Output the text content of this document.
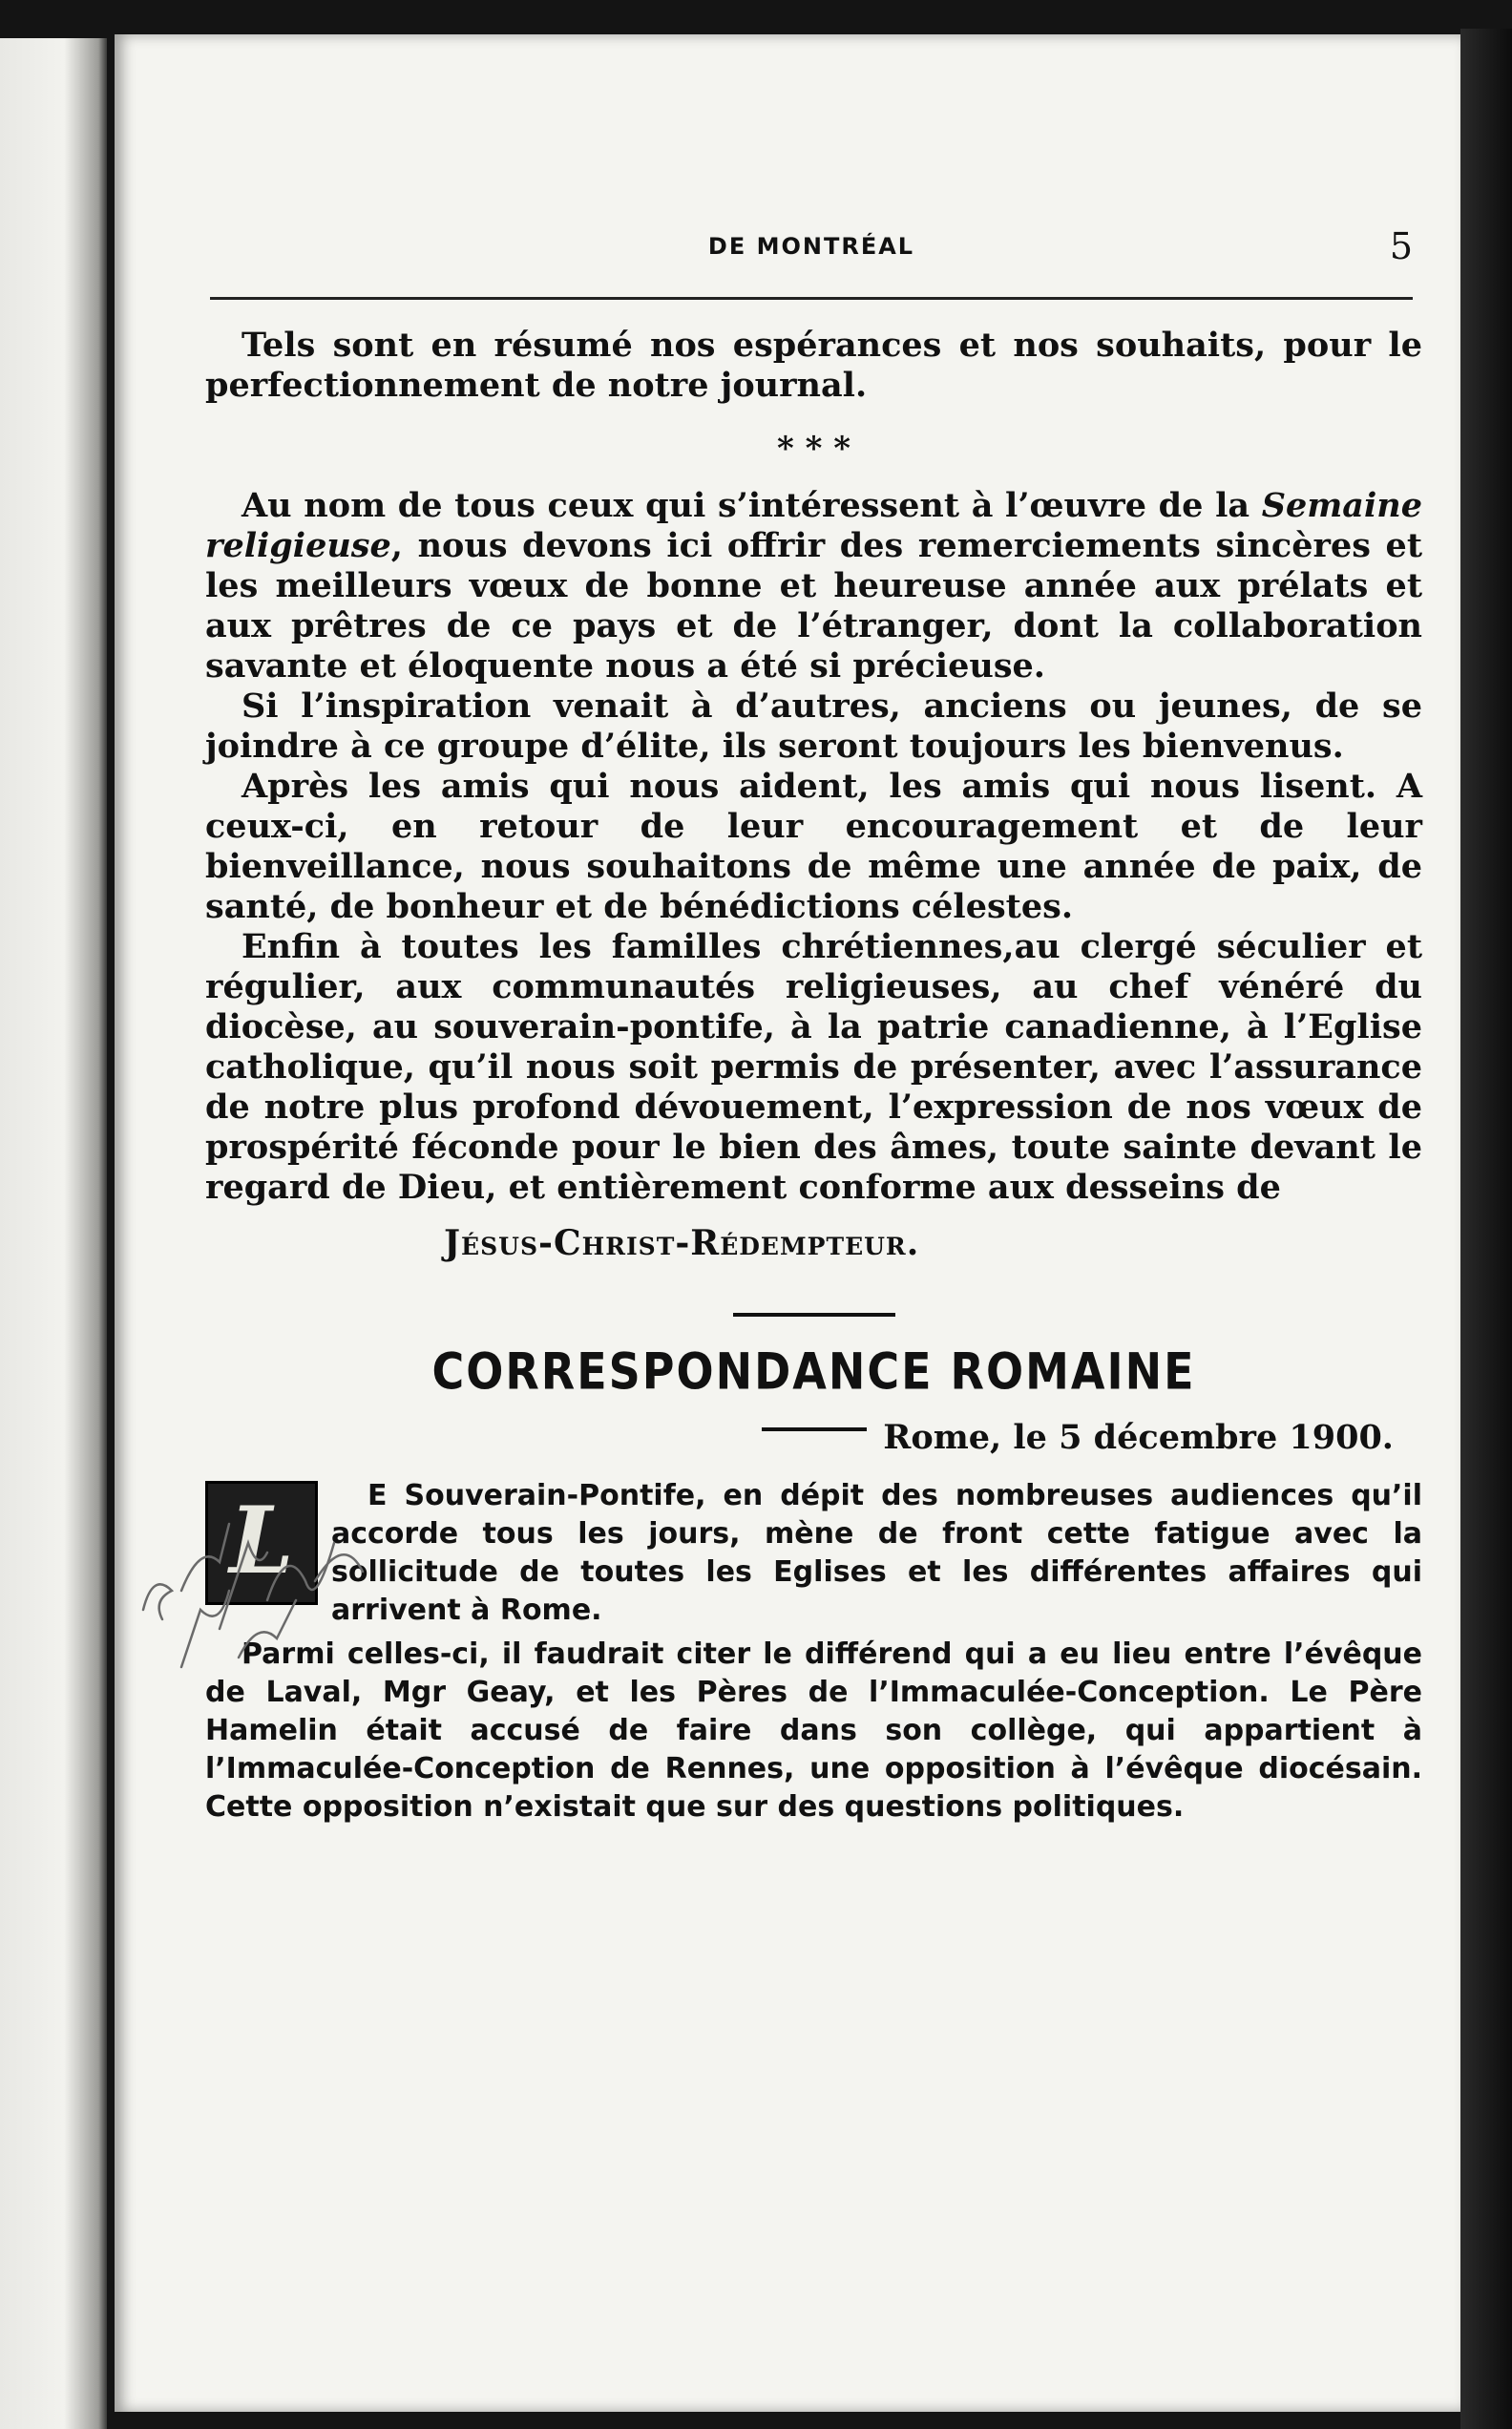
DE MONTRÉAL	5

Tels sont en résumé nos espérances et nos souhaits, pour le perfectionnement de notre journal.

* * *

Au nom de tous ceux qui s’intéressent à l’œuvre de la Semaine religieuse, nous devons ici offrir des remerciements sincères et les meilleurs vœux de bonne et heureuse année aux prélats et aux prêtres de ce pays et de l’étranger, dont la collaboration savante et éloquente nous a été si précieuse.

Si l’inspiration venait à d’autres, anciens ou jeunes, de se joindre à ce groupe d’élite, ils seront toujours les bienvenus.

Après les amis qui nous aident, les amis qui nous lisent. A ceux-ci, en retour de leur encouragement et de leur bienveillance, nous souhaitons de même une année de paix, de santé, de bonheur et de bénédictions célestes.

Enfin à toutes les familles chrétiennes,au clergé séculier et régulier, aux communautés religieuses, au chef vénéré du diocèse, au souverain-pontife, à la patrie canadienne, à l’Eglise catholique, qu’il nous soit permis de présenter, avec l’assurance de notre plus profond dévouement, l’expression de nos vœux de prospérité féconde pour le bien des âmes, toute sainte devant le regard de Dieu, et entièrement conforme aux desseins de

Jésus-Christ-Rédempteur.
CORRESPONDANCE ROMAINE
Rome, le 5 décembre 1900.
L	E Souverain-Pontife, en dépit des nombreuses audiences qu’il accorde tous les jours, mène de front cette fatigue avec la sollicitude de toutes les Eglises et les différentes affaires qui arrivent à Rome.

Parmi celles-ci, il faudrait citer le différend qui a eu lieu entre l’évêque de Laval, Mgr Geay, et les Pères de l’Immaculée-Conception. Le Père Hamelin était accusé de faire dans son collège, qui appartient à l’Immaculée-Conception de Rennes, une opposition à l’évêque diocésain. Cette opposition n’existait que sur des questions politiques.
